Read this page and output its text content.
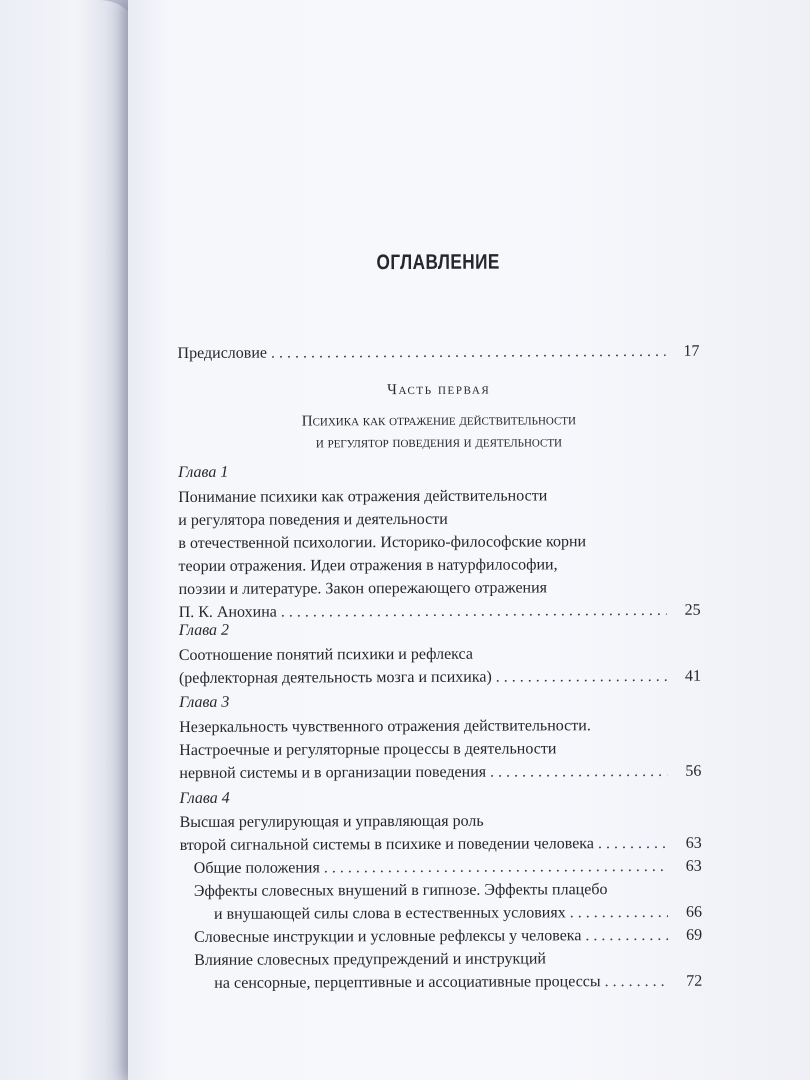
ОГЛАВЛЕНИЕ
Предисловие . . .	17
Часть первая
Психика как отражение действительности
и регулятор поведения и деятельности
Глава 1
Понимание психики как отражения действительности
и регулятора поведения и деятельности
в отечественной психологии. Историко-философские корни
теории отражения. Идеи отражения в натурфилософии,
поэзии и литературе. Закон опережающего отражения
П. К. Анохина . . .	25
Глава 2
Соотношение понятий психики и рефлекса
(рефлекторная деятельность мозга и психика) . . .	41
Глава 3
Незеркальность чувственного отражения действительности.
Настроечные и регуляторные процессы в деятельности
нервной системы и в организации поведения . . .	56
Глава 4
Высшая регулирующая и управляющая роль
второй сигнальной системы в психике и поведении человека . . .	63
Общие положения . . .	63
Эффекты словесных внушений в гипнозе. Эффекты плацебо
и внушающей силы слова в естественных условиях . . .	66
Словесные инструкции и условные рефлексы у человека . . .	69
Влияние словесных предупреждений и инструкций
на сенсорные, перцептивные и ассоциативные процессы . . .	72
